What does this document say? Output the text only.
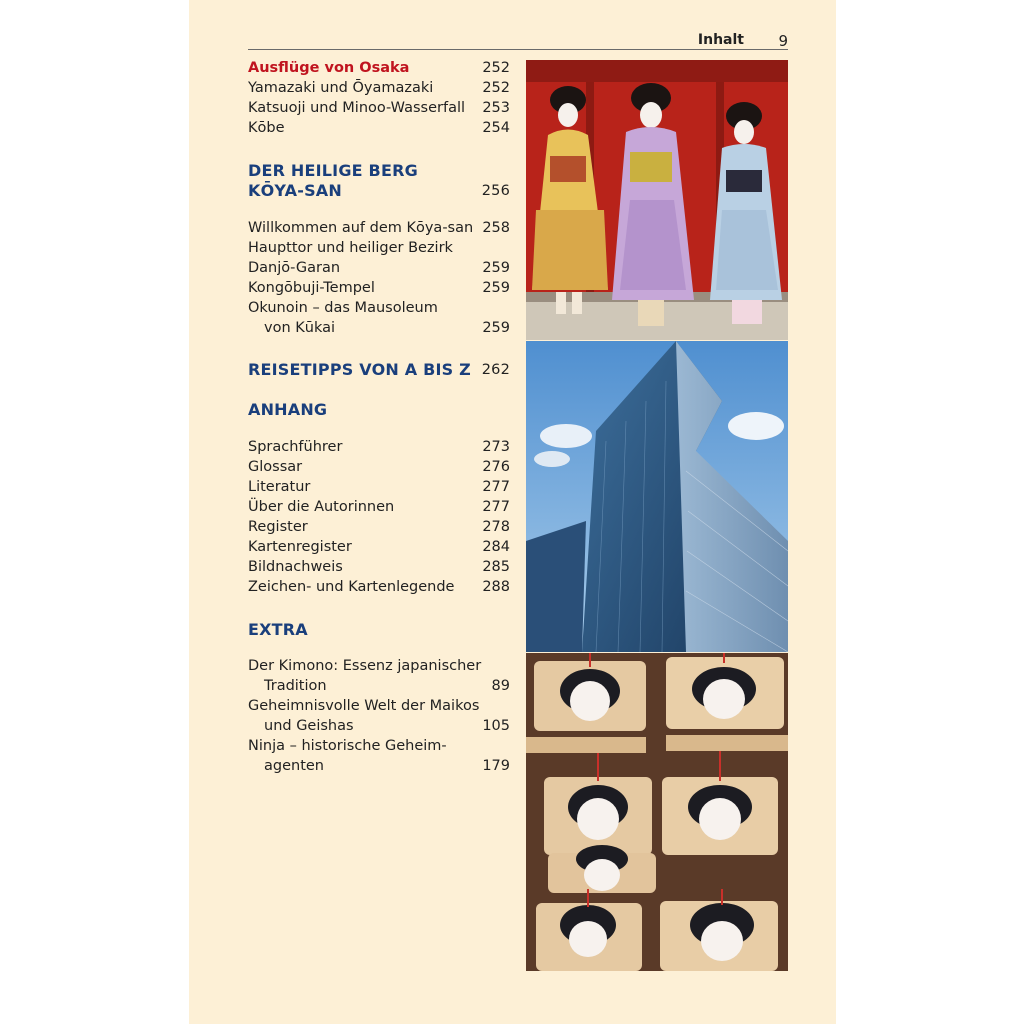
Inhalt 9
Ausflüge von Osaka	252
Yamazaki und Ōyamazaki	252
Katsuoji und Minoo-Wasserfall	253
Kōbe	254
DER HEILIGE BERG
KŌYA-SAN	256
Willkommen auf dem Kōya-san 258
Haupttor und heiliger Bezirk
Danjō-Garan	259
Kongōbuji-Tempel	259
Okunoin – das Mausoleum
von Kūkai	259
REISETIPPS VON A BIS Z 262
ANHANG
Sprachführer	273
Glossar	276
Literatur	277
Über die Autorinnen	277
Register	278
Kartenregister	284
Bildnachweis	285
Zeichen- und Kartenlegende	288
EXTRA
Der Kimono: Essenz japanischer
Tradition	89
Geheimnisvolle Welt der Maikos
und Geishas	105
Ninja – historische Geheim-
agenten	179
